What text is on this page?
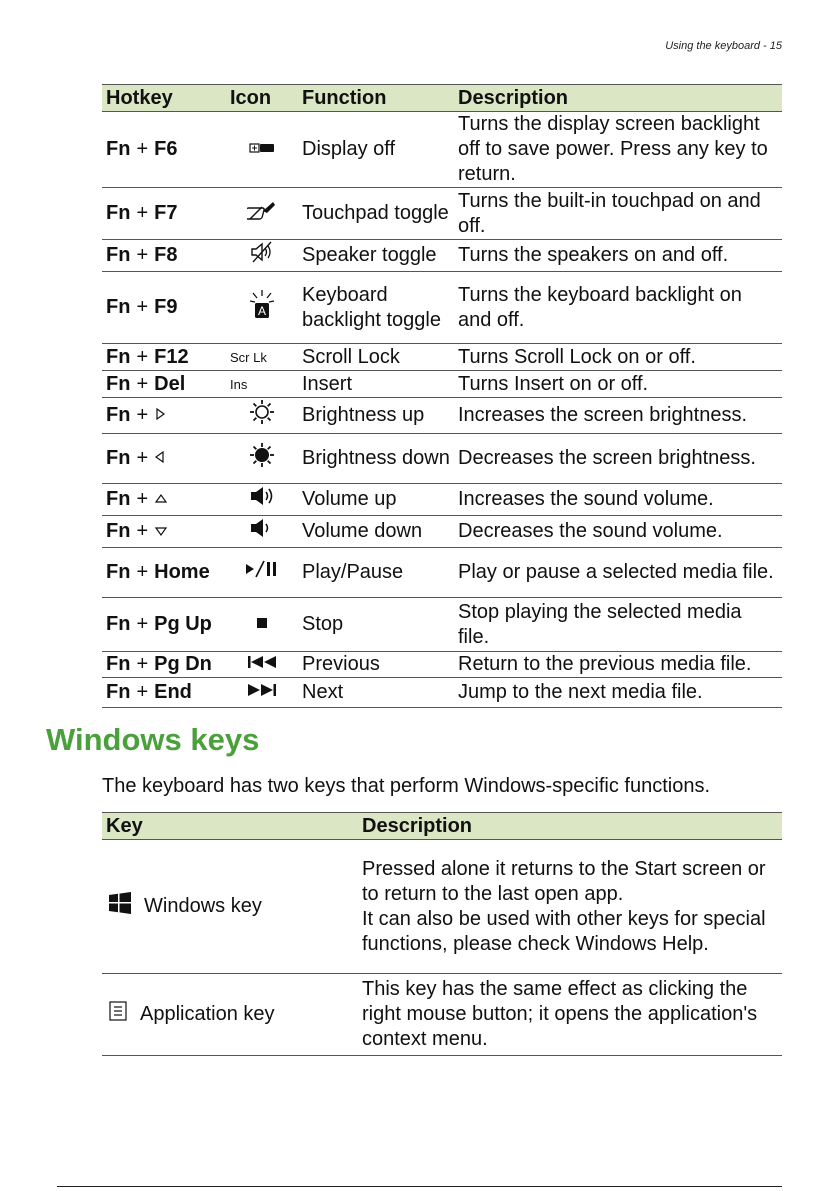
Using the keyboard - 15
Hotkey	Icon	Function	Description
Fn + F6		Display off	Turns the display screen backlight off to save power. Press any key to return.
Fn + F7		Touchpad toggle	Turns the built-in touchpad on and off.
Fn + F8		Speaker toggle	Turns the speakers on and off.
Fn + F9	A	Keyboard backlight toggle	Turns the keyboard backlight on and off.
Fn + F12	Scr Lk	Scroll Lock	Turns Scroll Lock on or off.
Fn + Del	Ins	Insert	Turns Insert on or off.
Fn +		Brightness up	Increases the screen brightness.
Fn +		Brightness down	Decreases the screen brightness.
Fn +		Volume up	Increases the sound volume.
Fn +		Volume down	Decreases the sound volume.
Fn + Home		Play/Pause	Play or pause a selected media file.
Fn + Pg Up		Stop	Stop playing the selected media file.
Fn + Pg Dn		Previous	Return to the previous media file.
Fn + End		Next	Jump to the next media file.
Windows keys

The keyboard has two keys that perform Windows-specific functions.

Key	Description

Windows key	Pressed alone it returns to the Start screen or to return to the last open app.
It can also be used with other keys for special functions, please check Windows Help.

Application key	This key has the same effect as clicking the right mouse button; it opens the application's context menu.
